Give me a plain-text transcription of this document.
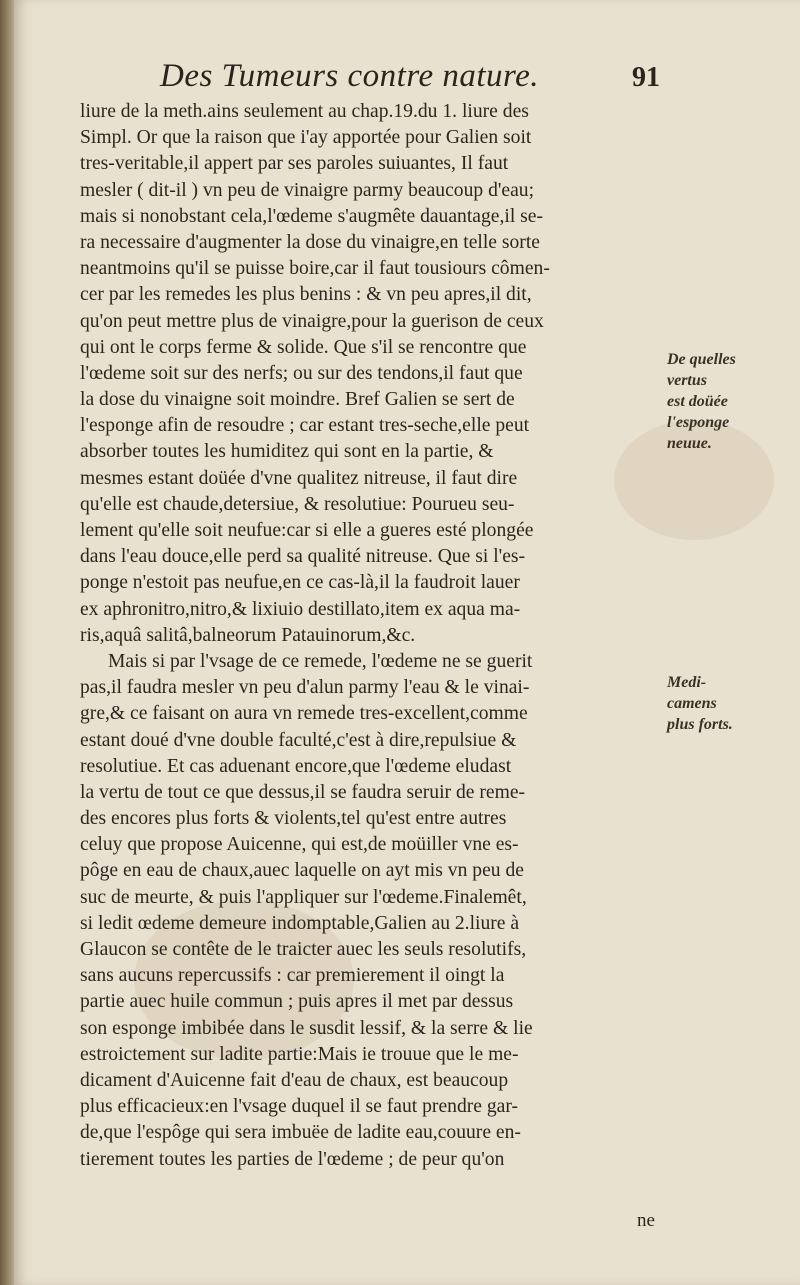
Des Tumeurs contre nature.	91
liure de la meth.ains seulement au chap.19.du 1. liure des
Simpl. Or que la raison que i'ay apportée pour Galien soit
tres-veritable,il appert par ses paroles suiuantes, Il faut
mesler ( dit-il ) vn peu de vinaigre parmy beaucoup d'eau;
mais si nonobstant cela,l'œdeme s'augmête dauantage,il se-
ra necessaire d'augmenter la dose du vinaigre,en telle sorte
neantmoins qu'il se puisse boire,car il faut tousiours cômen-
cer par les remedes les plus benins : & vn peu apres,il dit,
qu'on peut mettre plus de vinaigre,pour la guerison de ceux
qui ont le corps ferme & solide. Que s'il se rencontre que
l'œdeme soit sur des nerfs; ou sur des tendons,il faut que
la dose du vinaigne soit moindre. Bref Galien se sert de
l'esponge afin de resoudre ; car estant tres-seche,elle peut
absorber toutes les humiditez qui sont en la partie, &
mesmes estant doüée d'vne qualitez nitreuse, il faut dire
qu'elle est chaude,detersiue, & resolutiue: Pourueu seu-
lement qu'elle soit neufue:car si elle a gueres esté plongée
dans l'eau douce,elle perd sa qualité nitreuse. Que si l'es-
ponge n'estoit pas neufue,en ce cas-là,il la faudroit lauer
ex aphronitro,nitro,& lixiuio destillato,item ex aqua ma-
ris,aquâ salitâ,balneorum Patauinorum,&c.
Mais si par l'vsage de ce remede, l'œdeme ne se guerit
pas,il faudra mesler vn peu d'alun parmy l'eau & le vinai-
gre,& ce faisant on aura vn remede tres-excellent,comme
estant doué d'vne double faculté,c'est à dire,repulsiue &
resolutiue. Et cas aduenant encore,que l'œdeme eludast
la vertu de tout ce que dessus,il se faudra seruir de reme-
des encores plus forts & violents,tel qu'est entre autres
celuy que propose Auicenne, qui est,de moüiller vne es-
pôge en eau de chaux,auec laquelle on ayt mis vn peu de
suc de meurte, & puis l'appliquer sur l'œdeme.Finalemêt,
si ledit œdeme demeure indomptable,Galien au 2.liure à
Glaucon se contête de le traicter auec les seuls resolutifs,
sans aucuns repercussifs : car premierement il oingt la
partie auec huile commun ; puis apres il met par dessus
son esponge imbibée dans le susdit lessif, & la serre & lie
estroictement sur ladite partie:Mais ie trouue que le me-
dicament d'Auicenne fait d'eau de chaux, est beaucoup
plus efficacieux:en l'vsage duquel il se faut prendre gar-
de,que l'espôge qui sera imbuëe de ladite eau,couure en-
tierement toutes les parties de l'œdeme ; de peur qu'on
De quelles
vertus
est doüée
l'esponge
neuue.
Medi-
camens
plus forts.
ne
